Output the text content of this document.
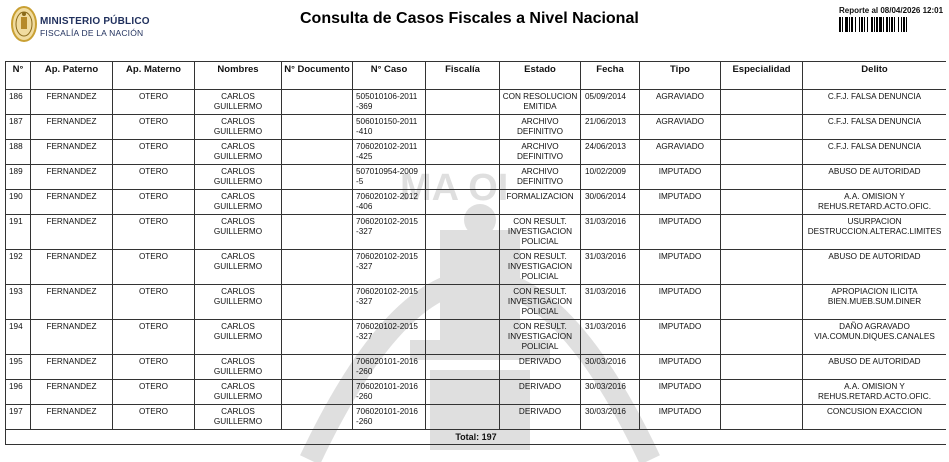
MINISTERIO PÚBLICO
FISCALÍA DE LA NACIÓN
Consulta de Casos Fiscales a Nivel Nacional	Reporte al 08/04/2026 12:01
MA OI
N°	Ap. Paterno	Ap. Materno	Nombres	N° Documento	N° Caso	Fiscalía	Estado	Fecha	Tipo	Especialidad	Delito
186	FERNANDEZ	OTERO	CARLOS GUILLERMO		505010106-2011 -369		CON RESOLUCION EMITIDA	05/09/2014	AGRAVIADO		C.F.J. FALSA DENUNCIA
187	FERNANDEZ	OTERO	CARLOS GUILLERMO		506010150-2011 -410		ARCHIVO DEFINITIVO	21/06/2013	AGRAVIADO		C.F.J. FALSA DENUNCIA
188	FERNANDEZ	OTERO	CARLOS GUILLERMO		706020102-2011 -425		ARCHIVO DEFINITIVO	24/06/2013	AGRAVIADO		C.F.J. FALSA DENUNCIA
189	FERNANDEZ	OTERO	CARLOS GUILLERMO		507010954-2009 -5		ARCHIVO DEFINITIVO	10/02/2009	IMPUTADO		ABUSO DE AUTORIDAD
190	FERNANDEZ	OTERO	CARLOS GUILLERMO		706020102-2012 -406		FORMALIZACION	30/06/2014	IMPUTADO		A.A. OMISION Y REHUS.RETARD.ACTO.OFIC.
191	FERNANDEZ	OTERO	CARLOS GUILLERMO		706020102-2015 -327		CON RESULT. INVESTIGACION POLICIAL	31/03/2016	IMPUTADO		USURPACION DESTRUCCION.ALTERAC.LIMITES
192	FERNANDEZ	OTERO	CARLOS GUILLERMO		706020102-2015 -327		CON RESULT. INVESTIGACION POLICIAL	31/03/2016	IMPUTADO		ABUSO DE AUTORIDAD
193	FERNANDEZ	OTERO	CARLOS GUILLERMO		706020102-2015 -327		CON RESULT. INVESTIGACION POLICIAL	31/03/2016	IMPUTADO		APROPIACION ILICITA BIEN.MUEB.SUM.DINER
194	FERNANDEZ	OTERO	CARLOS GUILLERMO		706020102-2015 -327		CON RESULT. INVESTIGACION POLICIAL	31/03/2016	IMPUTADO		DAÑO AGRAVADO VIA.COMUN.DIQUES.CANALES
195	FERNANDEZ	OTERO	CARLOS GUILLERMO		706020101-2016 -260		DERIVADO	30/03/2016	IMPUTADO		ABUSO DE AUTORIDAD
196	FERNANDEZ	OTERO	CARLOS GUILLERMO		706020101-2016 -260		DERIVADO	30/03/2016	IMPUTADO		A.A. OMISION Y REHUS.RETARD.ACTO.OFIC.
197	FERNANDEZ	OTERO	CARLOS GUILLERMO		706020101-2016 -260		DERIVADO	30/03/2016	IMPUTADO		CONCUSION EXACCION
Total: 197											
